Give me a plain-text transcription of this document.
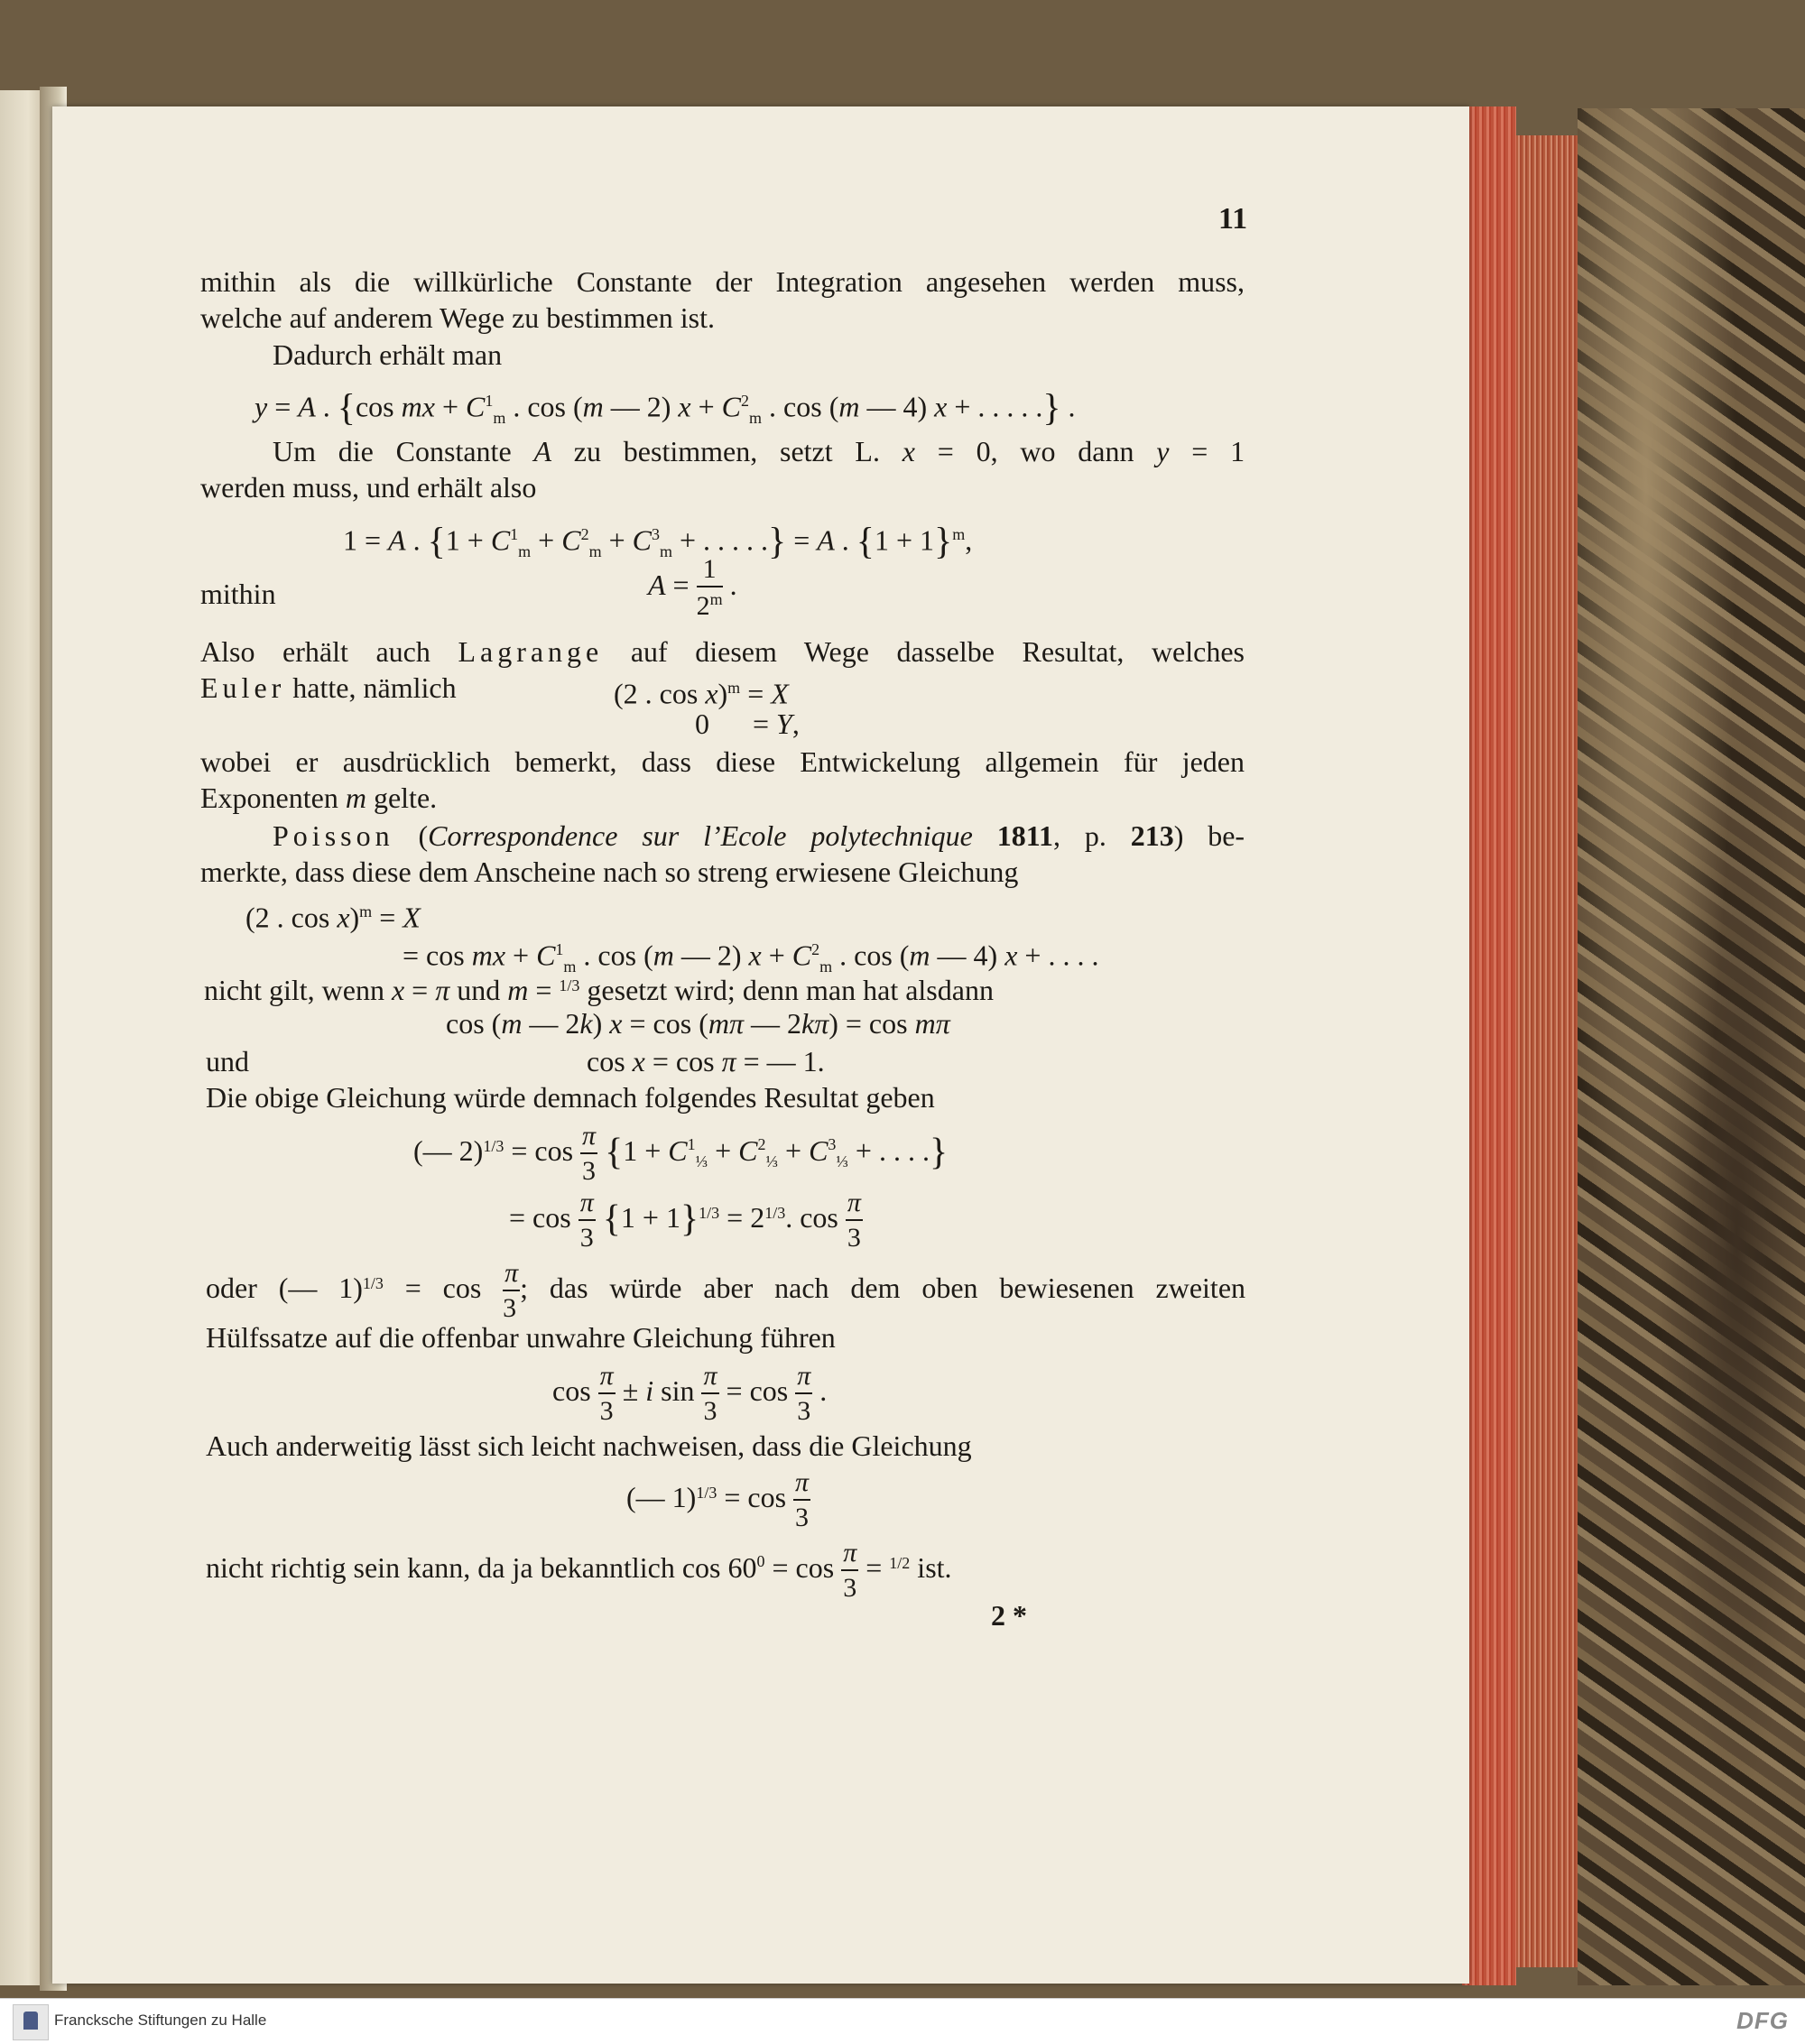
11
mithin als die willkürliche Constante der Integration angesehen werden muss,
welche auf anderem Wege zu bestimmen ist.
Dadurch erhält man
y = A . {cos mx + $C^1_m$ . cos (m — 2) $x + C^2_m$ . cos (m — 4) x + . . . . .} .
Um die Constante A zu bestimmen, setzt L. x = 0, wo dann y = 1
werden muss, und erhält also
1 = A . {$1 + C^1_m + C^2_m + C^3_m$ + . . . . .} = A . $\{1 + 1\}^m$,
mithin	$A = \frac{1}{2^m}$ .
Also erhält auch Lagrange auf diesem Wege dasselbe Resultat, welches
Euler hatte, nämlich	(2 . cos x)$^m$ = X
0      = Y,
wobei er ausdrücklich bemerkt, dass diese Entwickelung allgemein für jeden
Exponenten m gelte.
Poisson (Correspondence sur l’Ecole polytechnique 1811, p. 213) be-
merkte, dass diese dem Anscheine nach so streng erwiesene Gleichung
(2 . cos x)$^m$ = X
= cos mx + $C^1_m$ . cos (m — 2) $x + C^2_m$ . cos (m — 4) x + . . . .
nicht gilt, wenn x = π und m = $^{1/3}$ gesetzt wird; denn man hat alsdann
cos (m — 2k) x = cos (mπ — 2kπ) = cos mπ
und	cos x = cos π = — 1.
Die obige Gleichung würde demnach folgendes Resultat geben
(— $2)^{1/3} = \cos \frac{\pi}{3} \{1 + C^1_{\frac{1}{3}} + C^2_{\frac{1}{3}} + C^3_{\frac{1}{3}}$ + . . . .}
= $\cos \frac{\pi}{3} \{1 + 1\}^{1/3} = 2^{1/3}$. $\cos \frac{\pi}{3}$
oder (— $1)^{1/3} = \cos \frac{\pi}{3}$ ; das würde aber nach dem oben bewiesenen zweiten
Hülfssatze auf die offenbar unwahre Gleichung führen
$\cos \frac{\pi}{3} \pm i$ $\sin \frac{\pi}{3} = \cos \frac{\pi}{3}$ .
Auch anderweitig lässt sich leicht nachweisen, dass die Gleichung
(— $1)^{1/3} = \cos \frac{\pi}{3}$
nicht richtig sein kann, da ja bekanntlich $\cos 60^0 = \cos \frac{\pi}{3} = ^{1/2}$ ist.
2 *
Francksche Stiftungen zu Halle	DFG
